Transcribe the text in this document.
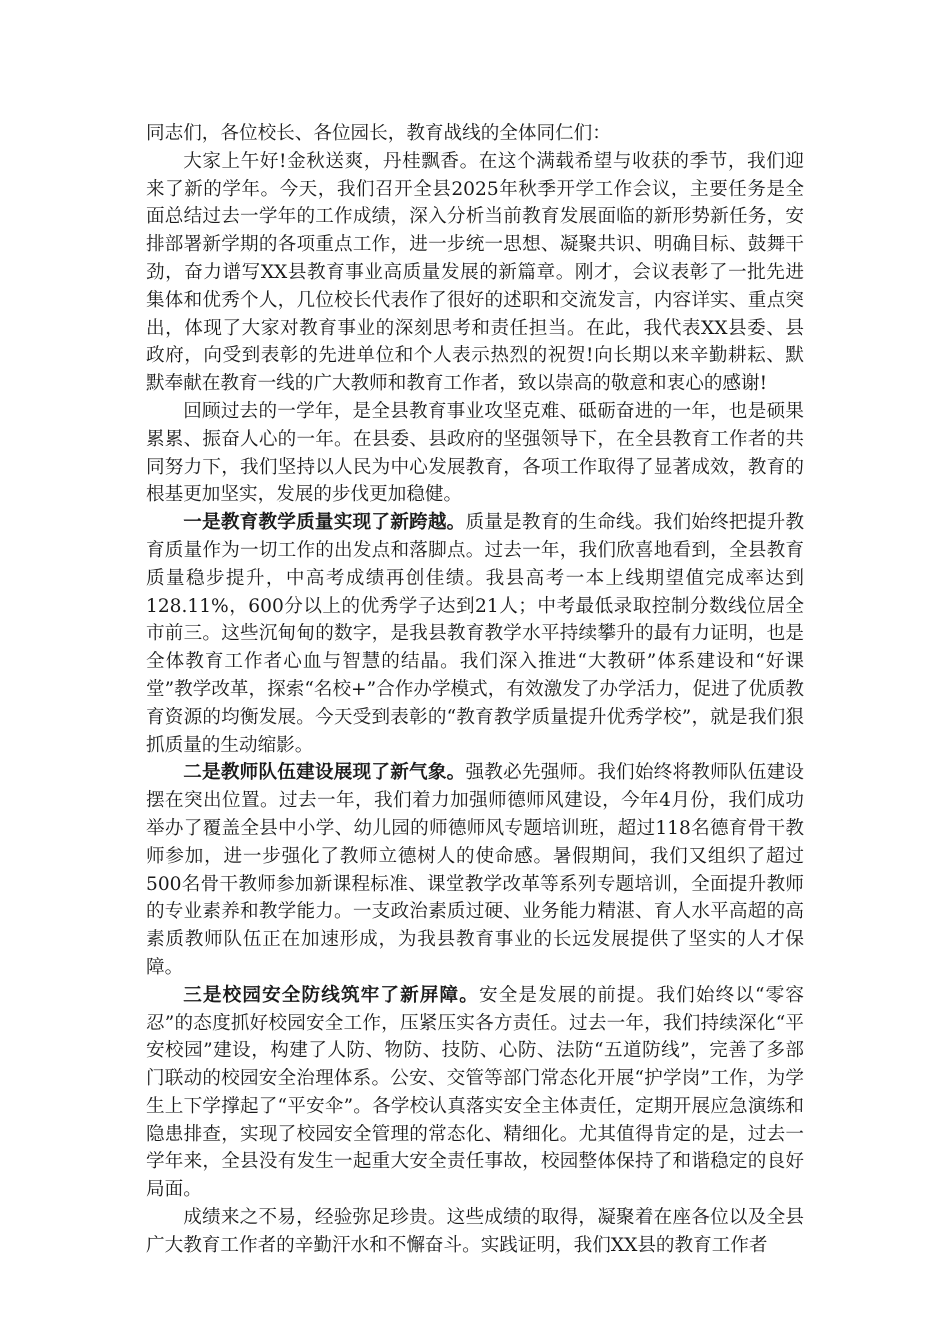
同志们，各位校长、各位园长，教育战线的全体同仁们：

大家上午好!金秋送爽，丹桂飘香。在这个满载希望与收获的季节，我们迎来了新的学年。今天，我们召开全县2025年秋季开学工作会议，主要任务是全面总结过去一学年的工作成绩，深入分析当前教育发展面临的新形势新任务，安排部署新学期的各项重点工作，进一步统一思想、凝聚共识、明确目标、鼓舞干劲，奋力谱写XX县教育事业高质量发展的新篇章。刚才，会议表彰了一批先进集体和优秀个人，几位校长代表作了很好的述职和交流发言，内容详实、重点突出，体现了大家对教育事业的深刻思考和责任担当。在此，我代表XX县委、县政府，向受到表彰的先进单位和个人表示热烈的祝贺!向长期以来辛勤耕耘、默默奉献在教育一线的广大教师和教育工作者，致以崇高的敬意和衷心的感谢!

回顾过去的一学年，是全县教育事业攻坚克难、砥砺奋进的一年，也是硕果累累、振奋人心的一年。在县委、县政府的坚强领导下，在全县教育工作者的共同努力下，我们坚持以人民为中心发展教育，各项工作取得了显著成效，教育的根基更加坚实，发展的步伐更加稳健。

一是教育教学质量实现了新跨越。质量是教育的生命线。我们始终把提升教育质量作为一切工作的出发点和落脚点。过去一年，我们欣喜地看到，全县教育质量稳步提升，中高考成绩再创佳绩。我县高考一本上线期望值完成率达到128.11%，600分以上的优秀学子达到21人；中考最低录取控制分数线位居全市前三。这些沉甸甸的数字，是我县教育教学水平持续攀升的最有力证明，也是全体教育工作者心血与智慧的结晶。我们深入推进“大教研”体系建设和“好课堂”教学改革，探索“名校+”合作办学模式，有效激发了办学活力，促进了优质教育资源的均衡发展。今天受到表彰的“教育教学质量提升优秀学校”，就是我们狠抓质量的生动缩影。

二是教师队伍建设展现了新气象。强教必先强师。我们始终将教师队伍建设摆在突出位置。过去一年，我们着力加强师德师风建设，今年4月份，我们成功举办了覆盖全县中小学、幼儿园的师德师风专题培训班，超过118名德育骨干教师参加，进一步强化了教师立德树人的使命感。暑假期间，我们又组织了超过500名骨干教师参加新课程标准、课堂教学改革等系列专题培训，全面提升教师的专业素养和教学能力。一支政治素质过硬、业务能力精湛、育人水平高超的高素质教师队伍正在加速形成，为我县教育事业的长远发展提供了坚实的人才保障。

三是校园安全防线筑牢了新屏障。安全是发展的前提。我们始终以“零容忍”的态度抓好校园安全工作，压紧压实各方责任。过去一年，我们持续深化“平安校园”建设，构建了人防、物防、技防、心防、法防“五道防线”，完善了多部门联动的校园安全治理体系。公安、交管等部门常态化开展“护学岗”工作，为学生上下学撑起了“平安伞”。各学校认真落实安全主体责任，定期开展应急演练和隐患排查，实现了校园安全管理的常态化、精细化。尤其值得肯定的是，过去一学年来，全县没有发生一起重大安全责任事故，校园整体保持了和谐稳定的良好局面。

成绩来之不易，经验弥足珍贵。这些成绩的取得，凝聚着在座各位以及全县广大教育工作者的辛勤汗水和不懈奋斗。实践证明，我们XX县的教育工作者
